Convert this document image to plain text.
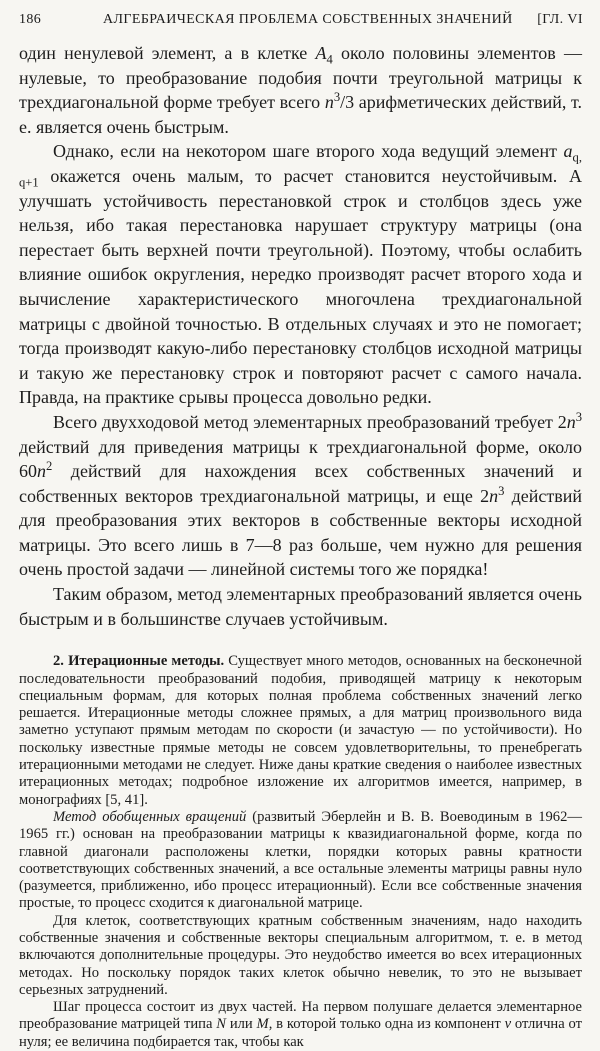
186	АЛГЕБРАИЧЕСКАЯ ПРОБЛЕМА СОБСТВЕННЫХ ЗНАЧЕНИЙ [ГЛ. VI

один ненулевой элемент, а в клетке $A_4$ около половины элементов — нулевые, то преобразование подобия почти треугольной матрицы к трехдиагональной форме требует всего $n^3/3$ арифметических действий, т. е. является очень быстрым.

Однако, если на некотором шаге второго хода ведущий элемент $a_{q, q+1}$ окажется очень малым, то расчет становится неустойчивым. А улучшать устойчивость перестановкой строк и столбцов здесь уже нельзя, ибо такая перестановка нарушает структуру матрицы (она перестает быть верхней почти треугольной). Поэтому, чтобы ослабить влияние ошибок округления, нередко производят расчет второго хода и вычисление характеристического многочлена трехдиагональной матрицы с двойной точностью. В отдельных случаях и это не помогает; тогда производят какую-либо перестановку столбцов исходной матрицы и такую же перестановку строк и повторяют расчет с самого начала. Правда, на практике срывы процесса довольно редки.

Всего двухходовой метод элементарных преобразований требует $2n^3$ действий для приведения матрицы к трехдиагональной форме, около $60n^2$ действий для нахождения всех собственных значений и собственных векторов трехдиагональной матрицы, и еще $2n^3$ действий для преобразования этих векторов в собственные векторы исходной матрицы. Это всего лишь в 7—8 раз больше, чем нужно для решения очень простой задачи — линейной системы того же порядка!

Таким образом, метод элементарных преобразований является очень быстрым и в большинстве случаев устойчивым.

2. Итерационные методы. Существует много методов, основанных на бесконечной последовательности преобразований подобия, приводящей матрицу к некоторым специальным формам, для которых полная проблема собственных значений легко решается. Итерационные методы сложнее прямых, а для матриц произвольного вида заметно уступают прямым методам по скорости (и зачастую — по устойчивости). Но поскольку известные прямые методы не совсем удовлетворительны, то пренебрегать итерационными методами не следует. Ниже даны краткие сведения о наиболее известных итерационных методах; подробное изложение их алгоритмов имеется, например, в монографиях [5, 41].

Метод обобщенных вращений (развитый Эберлейн и В. В. Воеводиным в 1962—1965 гг.) основан на преобразовании матрицы к квазидиагональной форме, когда по главной диагонали расположены клетки, порядки которых равны кратности соответствующих собственных значений, а все остальные элементы матрицы равны нуло (разумеется, приближенно, ибо процесс итерационный). Если все собственные значения простые, то процесс сходится к диагональной матрице.

Для клеток, соответствующих кратным собственным значениям, надо находить собственные значения и собственные векторы специальным алгоритмом, т. е. в метод включаются дополнительные процедуры. Это неудобство имеется во всех итерационных методах. Но поскольку порядок таких клеток обычно невелик, то это не вызывает серьезных затруднений.

Шаг процесса состоит из двух частей. На первом полушаге делается элементарное преобразование матрицей типа N или M, в которой только одна из компонент v отлична от нуля; ее величина подбирается так, чтобы как
